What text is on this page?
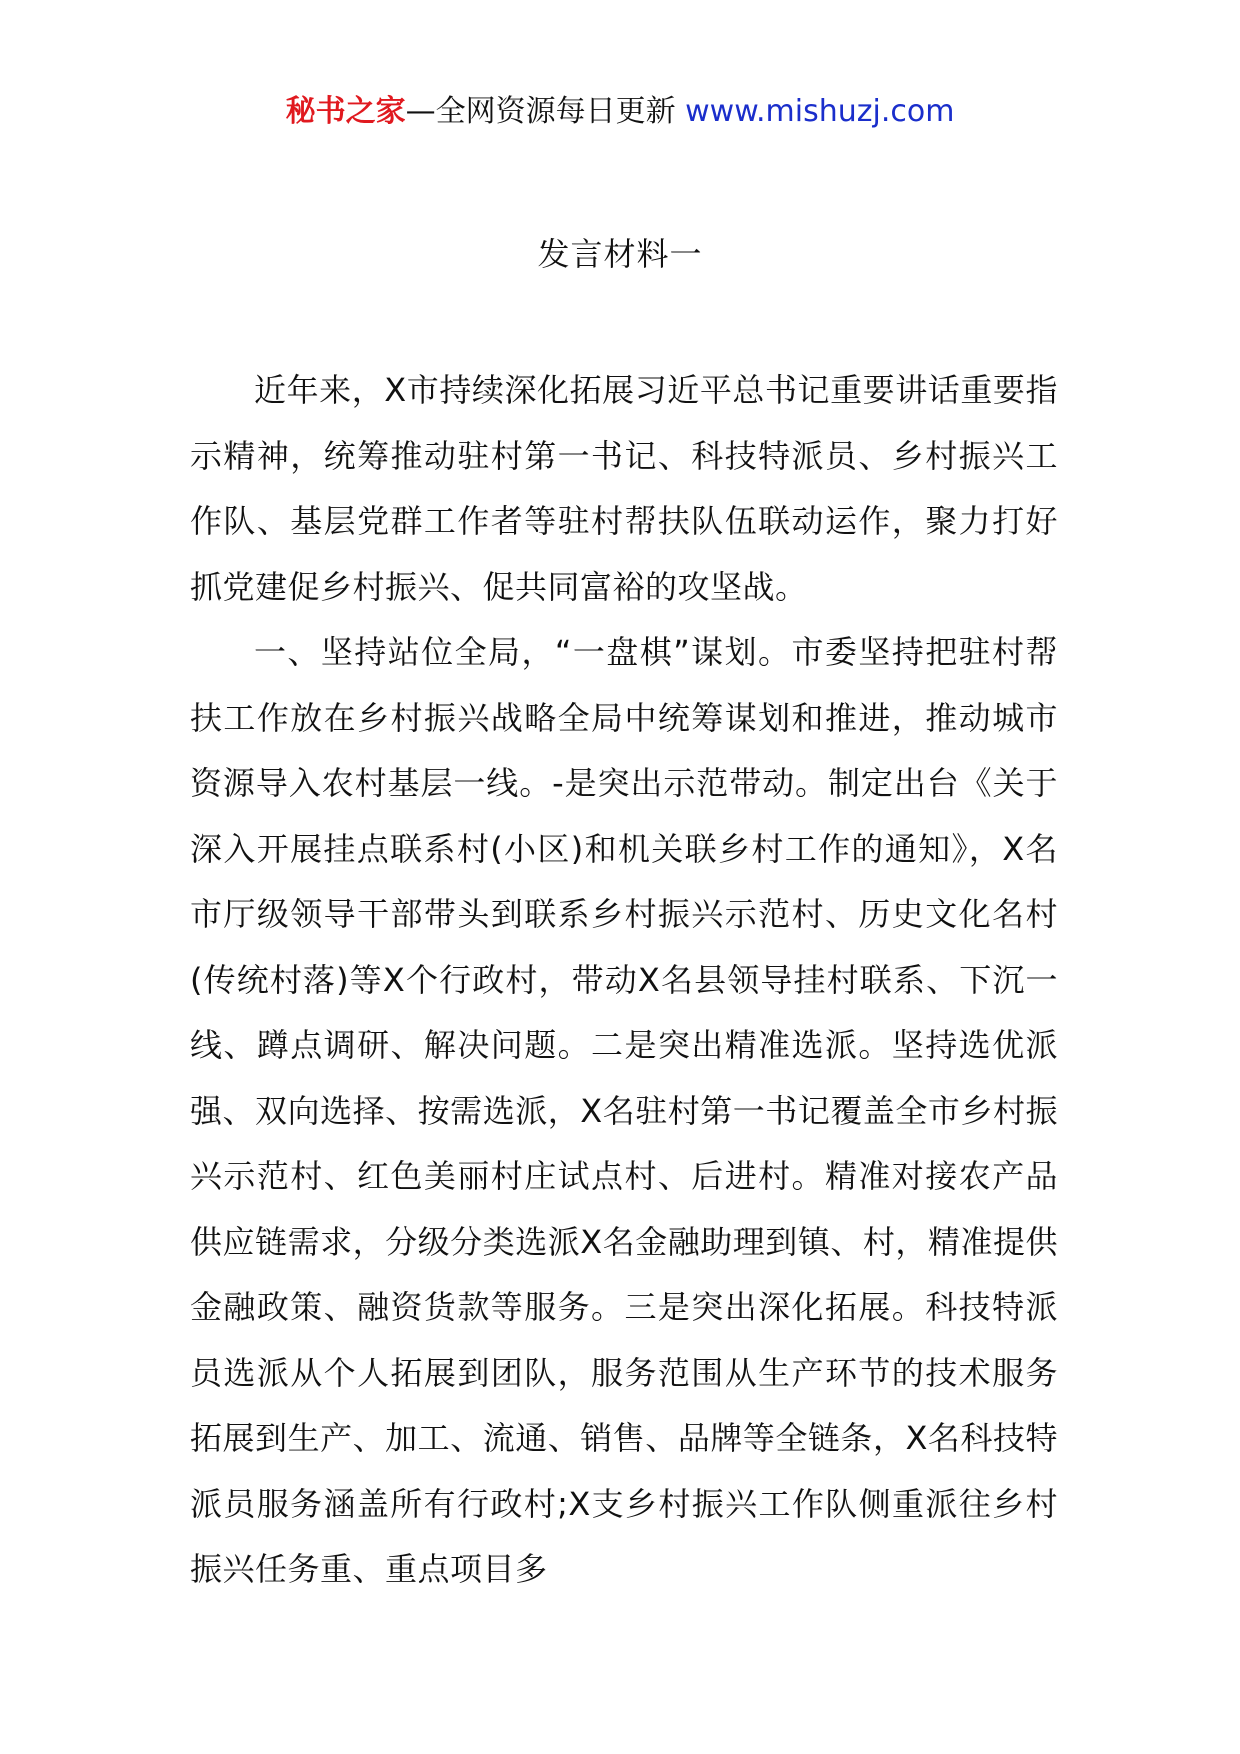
秘书之家—全网资源每日更新 www.mishuzj.com
发言材料一

近年来，X市持续深化拓展习近平总书记重要讲话重要指示精神，统筹推动驻村第一书记、科技特派员、乡村振兴工作队、基层党群工作者等驻村帮扶队伍联动运作，聚力打好抓党建促乡村振兴、促共同富裕的攻坚战。

一、坚持站位全局，“一盘棋”谋划。市委坚持把驻村帮扶工作放在乡村振兴战略全局中统筹谋划和推进，推动城市资源导入农村基层一线。-是突出示范带动。制定出台《关于深入开展挂点联系村(小区)和机关联乡村工作的通知》，X名市厅级领导干部带头到联系乡村振兴示范村、历史文化名村(传统村落)等X个行政村，带动X名县领导挂村联系、下沉一线、蹲点调研、解决问题。二是突出精准选派。坚持选优派强、双向选择、按需选派，X名驻村第一书记覆盖全市乡村振兴示范村、红色美丽村庄试点村、后进村。精准对接农产品供应链需求，分级分类选派X名金融助理到镇、村，精准提供金融政策、融资货款等服务。三是突出深化拓展。科技特派员选派从个人拓展到团队，服务范围从生产环节的技术服务拓展到生产、加工、流通、销售、品牌等全链条，X名科技特派员服务涵盖所有行政村;X支乡村振兴工作队侧重派往乡村振兴任务重、重点项目多
